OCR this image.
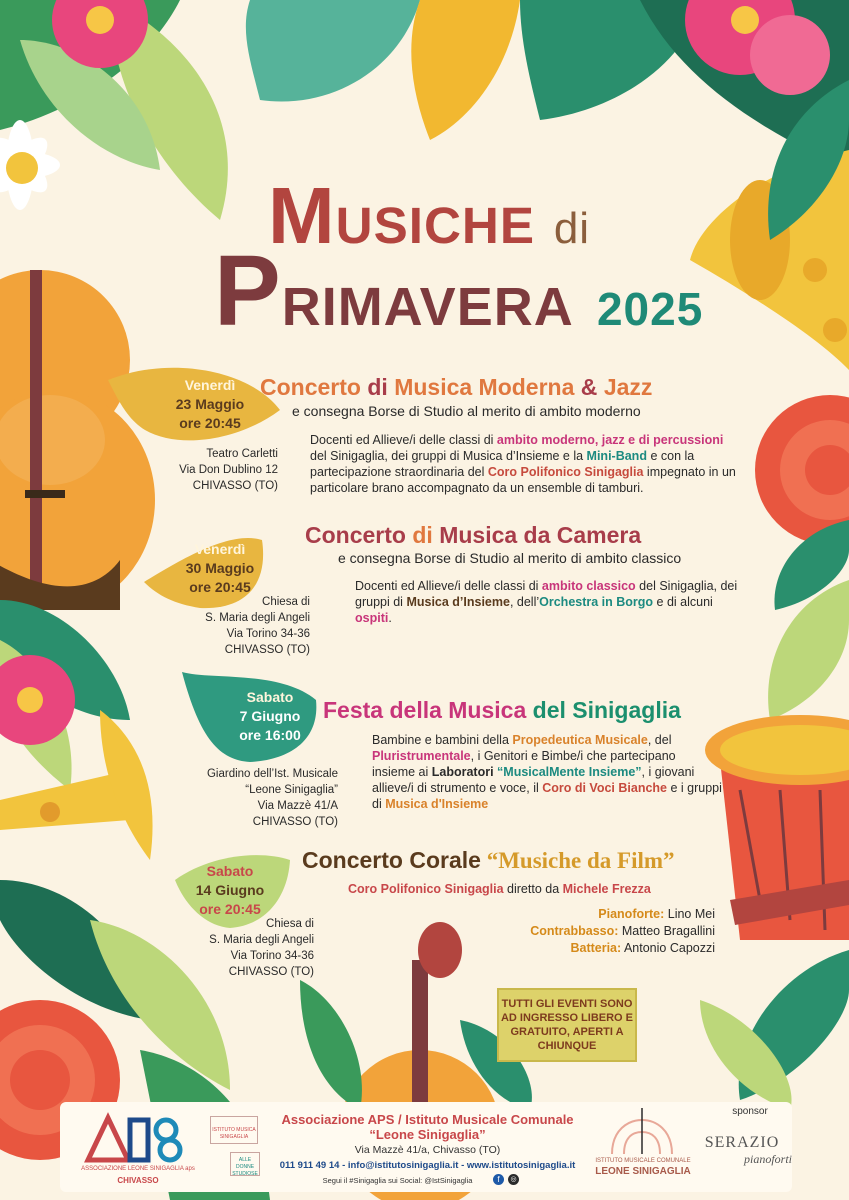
MUSICHE di
PRIMAVERA 2025
Venerdì
23 Maggio
ore 20:45
Teatro Carletti
Via Don Dublino 12
CHIVASSO (TO)
Concerto di Musica Moderna & Jazz
e consegna Borse di Studio al merito di ambito moderno
Docenti ed Allieve/i delle classi di ambito moderno, jazz e di percussioni del Sinigaglia, dei gruppi di Musica d’Insieme e la Mini-Band e con la partecipazione straordinaria del Coro Polifonico Sinigaglia impegnato in un particolare brano accompagnato da un ensemble di tamburi.
Venerdì
30 Maggio
ore 20:45
Chiesa di
S. Maria degli Angeli
Via Torino 34-36
CHIVASSO (TO)
Concerto di Musica da Camera
e consegna Borse di Studio al merito di ambito classico
Docenti ed Allieve/i delle classi di ambito classico del Sinigaglia, dei gruppi di Musica d’Insieme, dell’Orchestra in Borgo e di alcuni ospiti.
Sabato
7 Giugno
ore 16:00
Giardino dell’Ist. Musicale
“Leone Sinigaglia”
Via Mazzè 41/A
CHIVASSO (TO)
Festa della Musica del Sinigaglia
Bambine e bambini della Propedeutica Musicale, del Pluristrumentale, i Genitori e Bimbe/i che partecipano insieme ai Laboratori “MusicalMente Insieme”, i giovani allieve/i di strumento e voce, il Coro di Voci Bianche e i gruppi di Musica d'Insieme
Sabato
14 Giugno
ore 20:45
Chiesa di
S. Maria degli Angeli
Via Torino 34-36
CHIVASSO (TO)
Concerto Corale “Musiche da Film”
Coro Polifonico Sinigaglia diretto da Michele Frezza
Pianoforte: Lino Mei
Contrabbasso: Matteo Bragallini
Batteria: Antonio Capozzi
TUTTI GLI EVENTI SONO AD INGRESSO LIBERO E GRATUITO, APERTI A CHIUNQUE
ASSOCIAZIONE LEONE SINIGAGLIA aps
CHIVASSO
ISTITUTO MUSICA SINIGAGLIA
ALLE DONNE STUDIOSE
Associazione APS / Istituto Musicale Comunale
“Leone Sinigaglia”
Via Mazzè 41/a, Chivasso (TO)
011 911 49 14 - info@istitutosinigaglia.it - www.istitutosinigaglia.it
Segui il #Sinigaglia sui Social: @IstSinigaglia	f	◎
ISTITUTO MUSICALE COMUNALE
LEONE SINIGAGLIA
sponsor
SERAZIO
pianoforti
